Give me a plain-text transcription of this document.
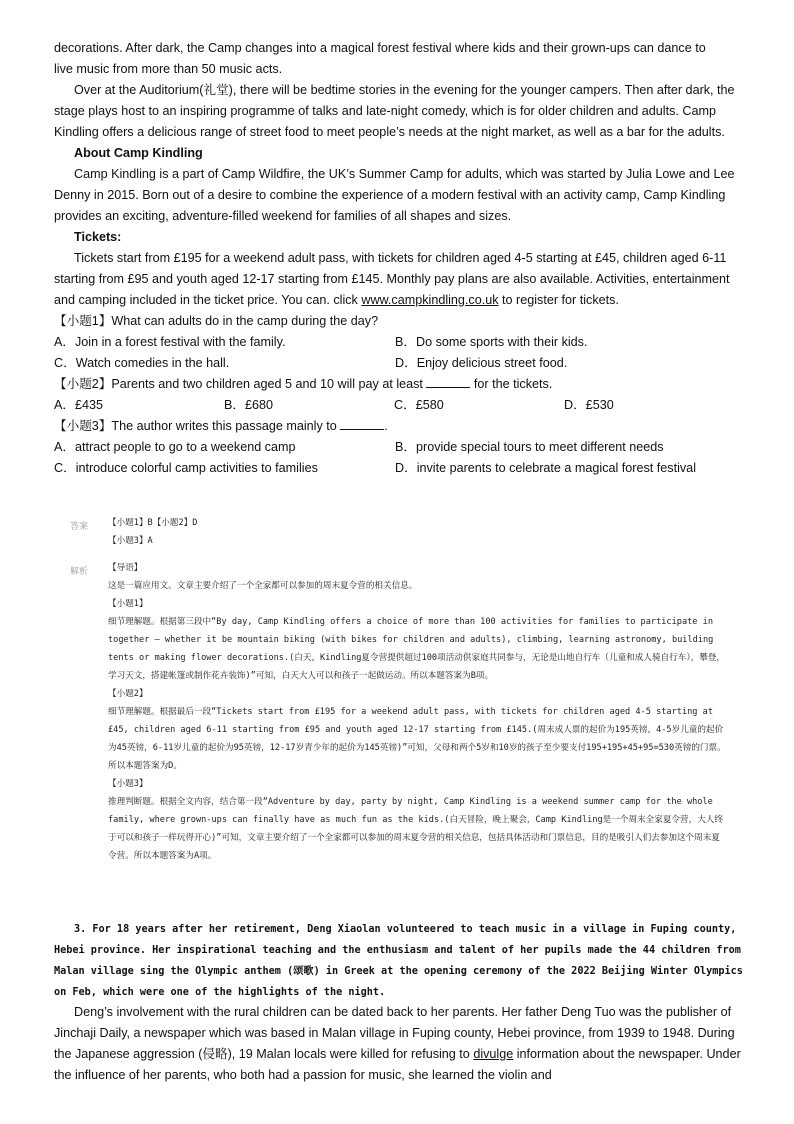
decorations. After dark, the Camp changes into a magical forest festival where kids and their grown-ups can dance to

live music from more than 50 music acts.

Over at the Auditorium(礼堂), there will be bedtime stories in the evening for the younger campers. Then after dark, the stage plays host to an inspiring programme of talks and late-night comedy, which is for older children and adults. Camp Kindling offers a delicious range of street food to meet people’s needs at the night market, as well as a bar for the adults.

About Camp Kindling

Camp Kindling is a part of Camp Wildfire, the UK’s Summer Camp for adults, which was started by Julia Lowe and Lee Denny in 2015. Born out of a desire to combine the experience of a modern festival with an activity camp, Camp Kindling provides an exciting, adventure-filled weekend for families of all shapes and sizes.

Tickets:

Tickets start from £195 for a weekend adult pass, with tickets for children aged 4-5 starting at £45, children aged 6-11 starting from £95 and youth aged 12-17 starting from £145. Monthly pay plans are also available. Activities, entertainment and camping included in the ticket price. You can. click www.campkindling.co.uk to register for tickets.

【小题1】What can adults do in the camp during the day?

A．Join in a forest festival with the family.	B．Do some sports with their kids.
C．Watch comedies in the hall.	D．Enjoy delicious street food.

【小题2】Parents and two children aged 5 and 10 will pay at least	for the tickets.

A．£435	B．£680	C．£580	D．£530

【小题3】The author writes this passage mainly to	.

A．attract people to go to a weekend camp	B．provide special tours to meet different needs
C．introduce colorful camp activities to families	D．invite parents to celebrate a magical forest festival
答案 【小题1】B【小题2】D

【小题3】A

解析 【导语】

这是一篇应用文。文章主要介绍了一个全家都可以参加的周末夏令营的相关信息。

【小题1】

细节理解题。根据第三段中“By day, Camp Kindling offers a choice of more than 100 activities for families to participate in together — whether it be mountain biking (with bikes for children and adults), climbing, learning astronomy, building tents or making flower decorations.(白天，Kindling夏令营提供超过100项活动供家庭共同参与，无论是山地自行车（儿童和成人骑自行车），攀登，学习天文，搭建帐篷或制作花卉装饰)”可知，白天大人可以和孩子一起做运动。所以本题答案为B项。

【小题2】

细节理解题。根据最后一段“Tickets start from £195 for a weekend adult pass, with tickets for children aged 4-5 starting at £45, children aged 6-11 starting from £95 and youth aged 12-17 starting from £145.(周末成人票的起价为195英镑，4-5岁儿童的起价为45英镑，6-11岁儿童的起价为95英镑，12-17岁青少年的起价为145英镑)”可知，父母和两个5岁和10岁的孩子至少要支付195+195+45+95=530英镑的门票。所以本题答案为D。

【小题3】

推理判断题。根据全文内容，结合第一段“Adventure by day, party by night, Camp Kindling is a weekend summer camp for the whole family, where grown-ups can finally have as much fun as the kids.(白天冒险，晚上聚会，Camp Kindling是一个周末全家夏令营，大人终于可以和孩子一样玩得开心)”可知，文章主要介绍了一个全家都可以参加的周末夏令营的相关信息，包括具体活动和门票信息，目的是吸引人们去参加这个周末夏令营。所以本题答案为A项。

3. For 18 years after her retirement, Deng Xiaolan volunteered to teach music in a village in Fuping county, Hebei province. Her inspirational teaching and the enthusiasm and talent of her pupils made the 44 children from Malan village sing the Olympic anthem (颂歌) in Greek at the opening ceremony of the 2022 Beijing Winter Olympics on Feb, which were one of the highlights of the night.

Deng’s involvement with the rural children can be dated back to her parents. Her father Deng Tuo was the publisher of Jinchaji Daily, a newspaper which was based in Malan village in Fuping county, Hebei province, from 1939 to 1948. During the Japanese aggression (侵略), 19 Malan locals were killed for refusing to divulge information about the newspaper. Under the influence of her parents, who both had a passion for music, she learned the violin and
